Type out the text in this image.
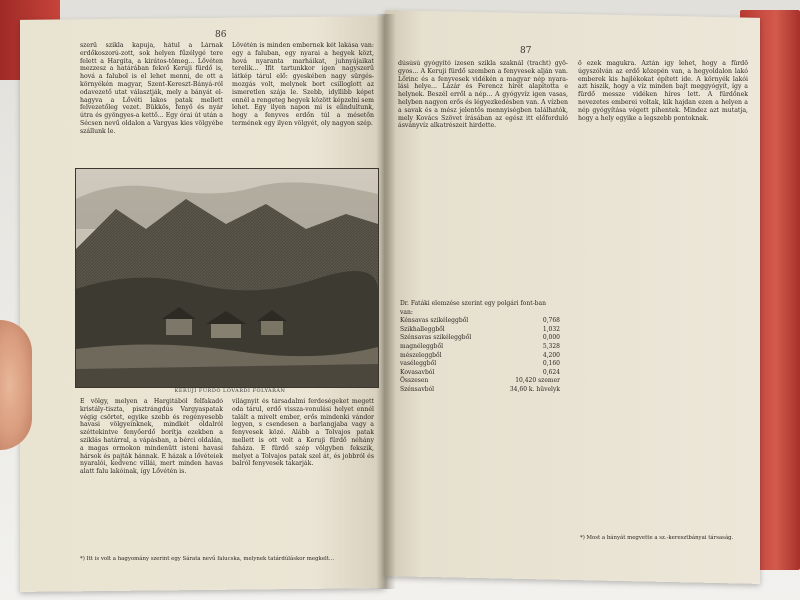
86
87
szerű szikla kapuja, hátul a Lárnak erdőkoszorú-zott, sok helyen fűzélygé tere felett a Hargita, a kirátos-tömeg... Lővéten mezzesz a határában fekvő Keruji fürdő is, hová a falubol is el lehet menni, de ott a környékén magyar, Szent-Kereszt-Bányá-ról odavezető utat választják, mely a bányát el-hagyva a Lővéti lakos patak mellett felvezetőleg vezet. Bükkös, fenyő és nyár útra és gyöngyes-a kettő... Egy órai út után a Sécsen nevű oldalon a Vargyas kies völgyébe szállunk le.
Lővétén is minden embernek két lakása van: egy a faluban, egy nyarai a hegyek közt, hová nyaranta marháikat, juhnyájaikat terelik... Ifit tartunkkor igen nagyszerű látkép tárul elő: gyeskében nagy sürgés-mozgás volt, melynek bort csilloglott az ismeretlen szája le. Szebb, idyllibb képet ennél a rengeteg hegyek között képzelni sem lehet. Egy ilyen napon mi is elindultunk, hogy a fenyves erdőn túl a mésetőn termének egy ilyen völgyét, oly nagyon szép.
KERUJI FÜRDŐ LOVARDI FOLYÁRÁN
E völgy, melyen a Hargitából felfakadó kristály-tiszta, pisztrángdús Vargyaspatak végig csörtet, egyike szebb és regényesebb havasi völgyeinknek, mindkét oldalról széttekintve fenyőerdő borítja ezekben a sziklás határral, a vápásban, a bérci oldalán, a magas ormokon mindenütt isteni havasi hársok és pajták hánnak. E házak a lővéteiek nyaralói, kedvenc villái, mert minden havas alatt falu lakóinak, így Lővétén is.
világnyit és társadalmi ferdeségeket megett oda tárul, erdő vissza-vonulási helyet ennél talált a mivelt ember, erős mindenki vándor legyen, s csendesen a barlangjaba vagy a fenyvesek közé. Alább a Tolvajos patak mellett is ott volt a Keruji fürdő néhány faháza. E fürdő szép völgyben fekszik, melyet a Tolvajos patak szel át, és jobbról és balról fenyvesek takarják.
*) Itt is volt a hagyomány szerint egy Sárata nevű falucska, melynek tatárdúláskor megkelt...
dúsúsú gyógyító ízesen szikla szaknál (tracht) gyö-gyos... A Keruji fürdő szemben a fenyvesek alján van. Lőrinc és a fenyvesek vidékén a magyar nép nyara-lási helye... Lázár és Ferencz hírét alapította e helynek. Beszél erről a nép... A gyógyvíz igen vasas, helyben nagyon erős és légyezkedésben van. A vízben a savak és a mész jelentős mennyiségben találhatók, mely Kovács Szövet írásában az egész itt előforduló ásványvíz alkatrészeit hirdette.
ő ezek magukra. Aztán igy lehet, hogy a fürdő úgyszólván az erdő közepén van, a hegyoldalon lakó emberek kis hajlékokat épített ide. A környék lakói azt hiszik, hogy a víz minden bajt meggyógyít, így a fürdő messze vidéken híres lett. A fürdőnek nevezetes emberei voltak, kik hajdan ezen a helyen a nép gyógyítása végett pihentek. Mindez azt mutatja, hogy a hely egyike a legszebb pontoknak.
Dr. Fatáki elemzése szerint egy polgári font-ban van:
Kénsavas szikéleggből	0,768
Szikhalleggből	1,032
Szénsavas szikéleggből	0,000
magnéleggből	5,328
mészeleggből	4,200
vaséleggből	0,160
Kovasavból	0,624
Összesen	10,420 szemer
Szénsavból	34,60 k. hüvelyk
*) Most a bányát megvette a sz.-keresztbányai társaság.
